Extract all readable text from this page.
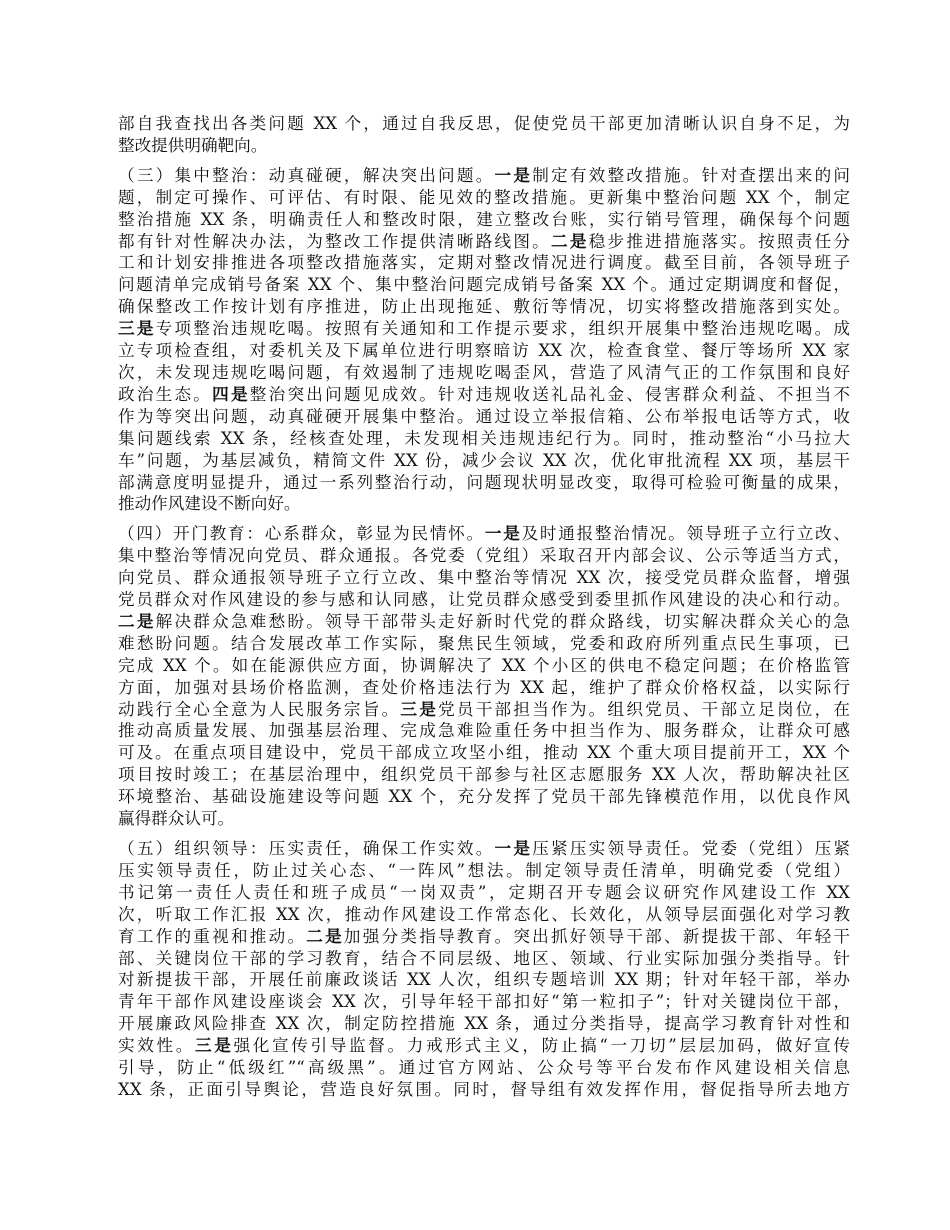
部自我查找出各类问题 XX 个，通过自我反思，促使党员干部更加清晰认识自身不足，为
整改提供明确靶向。
（三）集中整治：动真碰硬，解决突出问题。一是制定有效整改措施。针对查摆出来的问
题，制定可操作、可评估、有时限、能见效的整改措施。更新集中整治问题 XX 个，制定
整治措施 XX 条，明确责任人和整改时限，建立整改台账，实行销号管理，确保每个问题
都有针对性解决办法，为整改工作提供清晰路线图。二是稳步推进措施落实。按照责任分
工和计划安排推进各项整改措施落实，定期对整改情况进行调度。截至目前，各领导班子
问题清单完成销号备案 XX 个、集中整治问题完成销号备案 XX 个。通过定期调度和督促，
确保整改工作按计划有序推进，防止出现拖延、敷衍等情况，切实将整改措施落到实处。
三是专项整治违规吃喝。按照有关通知和工作提示要求，组织开展集中整治违规吃喝。成
立专项检查组，对委机关及下属单位进行明察暗访 XX 次，检查食堂、餐厅等场所 XX 家
次，未发现违规吃喝问题，有效遏制了违规吃喝歪风，营造了风清气正的工作氛围和良好
政治生态。四是整治突出问题见成效。针对违规收送礼品礼金、侵害群众利益、不担当不
作为等突出问题，动真碰硬开展集中整治。通过设立举报信箱、公布举报电话等方式，收
集问题线索 XX 条，经核查处理，未发现相关违规违纪行为。同时，推动整治“小马拉大
车”问题，为基层减负，精简文件 XX 份，减少会议 XX 次，优化审批流程 XX 项，基层干
部满意度明显提升，通过一系列整治行动，问题现状明显改变，取得可检验可衡量的成果，
推动作风建设不断向好。
（四）开门教育：心系群众，彰显为民情怀。一是及时通报整治情况。领导班子立行立改、
集中整治等情况向党员、群众通报。各党委（党组）采取召开内部会议、公示等适当方式，
向党员、群众通报领导班子立行立改、集中整治等情况 XX 次，接受党员群众监督，增强
党员群众对作风建设的参与感和认同感，让党员群众感受到委里抓作风建设的决心和行动。
二是解决群众急难愁盼。领导干部带头走好新时代党的群众路线，切实解决群众关心的急
难愁盼问题。结合发展改革工作实际，聚焦民生领域，党委和政府所列重点民生事项，已
完成 XX 个。如在能源供应方面，协调解决了 XX 个小区的供电不稳定问题；在价格监管
方面，加强对县场价格监测，查处价格违法行为 XX 起，维护了群众价格权益，以实际行
动践行全心全意为人民服务宗旨。三是党员干部担当作为。组织党员、干部立足岗位，在
推动高质量发展、加强基层治理、完成急难险重任务中担当作为、服务群众，让群众可感
可及。在重点项目建设中，党员干部成立攻坚小组，推动 XX 个重大项目提前开工，XX 个
项目按时竣工；在基层治理中，组织党员干部参与社区志愿服务 XX 人次，帮助解决社区
环境整治、基础设施建设等问题 XX 个，充分发挥了党员干部先锋模范作用，以优良作风
赢得群众认可。
（五）组织领导：压实责任，确保工作实效。一是压紧压实领导责任。党委（党组）压紧
压实领导责任，防止过关心态、“一阵风”想法。制定领导责任清单，明确党委（党组）
书记第一责任人责任和班子成员“一岗双责”，定期召开专题会议研究作风建设工作 XX
次，听取工作汇报 XX 次，推动作风建设工作常态化、长效化，从领导层面强化对学习教
育工作的重视和推动。二是加强分类指导教育。突出抓好领导干部、新提拔干部、年轻干
部、关键岗位干部的学习教育，结合不同层级、地区、领域、行业实际加强分类指导。针
对新提拔干部，开展任前廉政谈话 XX 人次，组织专题培训 XX 期；针对年轻干部，举办
青年干部作风建设座谈会 XX 次，引导年轻干部扣好“第一粒扣子”；针对关键岗位干部，
开展廉政风险排查 XX 次，制定防控措施 XX 条，通过分类指导，提高学习教育针对性和
实效性。三是强化宣传引导监督。力戒形式主义，防止搞“一刀切”层层加码，做好宣传
引导，防止“低级红”“高级黑”。通过官方网站、公众号等平台发布作风建设相关信息
XX 条，正面引导舆论，营造良好氛围。同时，督导组有效发挥作用，督促指导所去地方
